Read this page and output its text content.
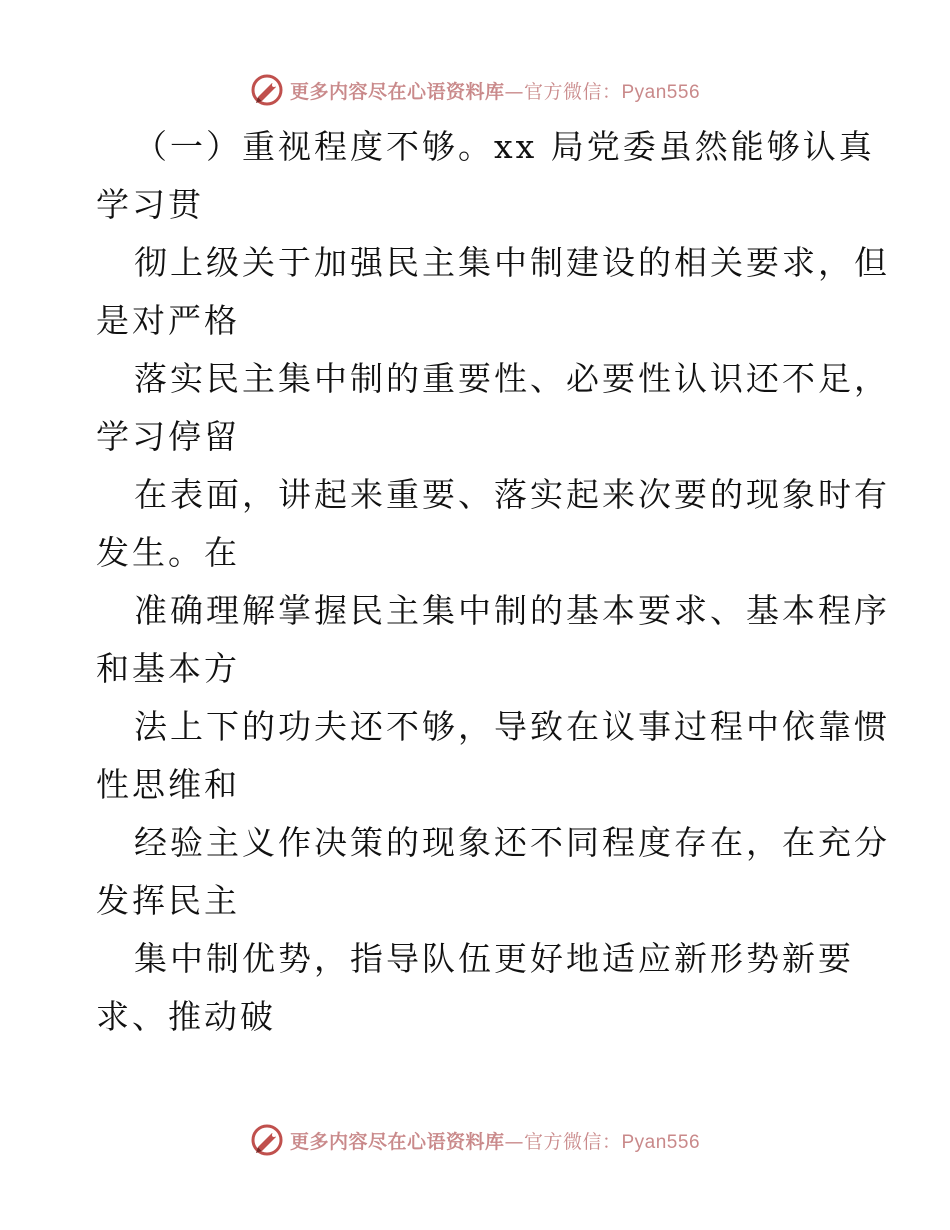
更多内容尽在心语资料库—官方微信：Pyan556

（一）重视程度不够。xx 局党委虽然能够认真

学习贯

彻上级关于加强民主集中制建设的相关要求，但

是对严格

落实民主集中制的重要性、必要性认识还不足，

学习停留

在表面，讲起来重要、落实起来次要的现象时有

发生。在

准确理解掌握民主集中制的基本要求、基本程序

和基本方

法上下的功夫还不够，导致在议事过程中依靠惯

性思维和

经验主义作决策的现象还不同程度存在，在充分

发挥民主

集中制优势，指导队伍更好地适应新形势新要

求、推动破

更多内容尽在心语资料库—官方微信：Pyan556
